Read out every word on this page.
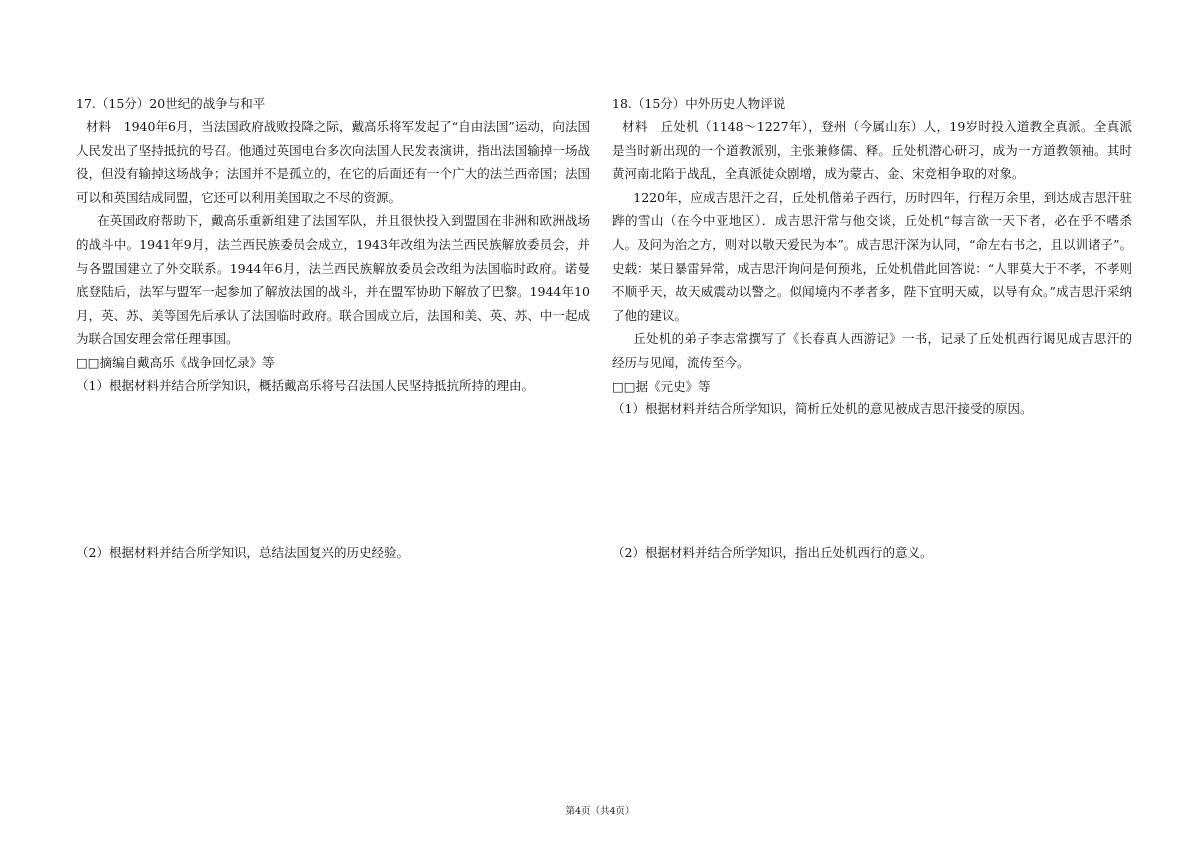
17.（15分）20世纪的战争与和平

材料　1940年6月，当法国政府战败投降之际，戴高乐将军发起了“自由法国”运动，向法国人民发出了坚持抵抗的号召。他通过英国电台多次向法国人民发表演讲，指出法国输掉一场战役，但没有输掉这场战争；法国并不是孤立的，在它的后面还有一个广大的法兰西帝国；法国可以和英国结成同盟，它还可以利用美国取之不尽的资源。

在英国政府帮助下，戴高乐重新组建了法国军队，并且很快投入到盟国在非洲和欧洲战场的战斗中。1941年9月，法兰西民族委员会成立，1943年改组为法兰西民族解放委员会，并与各盟国建立了外交联系。1944年6月，法兰西民族解放委员会改组为法国临时政府。诺曼底登陆后，法军与盟军一起参加了解放法国的战斗，并在盟军协助下解放了巴黎。1944年10月，英、苏、美等国先后承认了法国临时政府。联合国成立后，法国和美、英、苏、中一起成为联合国安理会常任理事国。

□□摘编自戴高乐《战争回忆录》等

（1）根据材料并结合所学知识，概括戴高乐将号召法国人民坚持抵抗所持的理由。

（2）根据材料并结合所学知识，总结法国复兴的历史经验。

18.（15分）中外历史人物评说

材料　丘处机（1148～1227年），登州（今属山东）人，19岁时投入道教全真派。全真派是当时新出现的一个道教派别，主张兼修儒、释。丘处机潜心研习，成为一方道教领袖。其时黄河南北陷于战乱，全真派徒众剧增，成为蒙古、金、宋竞相争取的对象。

1220年，应成吉思汗之召，丘处机偕弟子西行，历时四年，行程万余里，到达成吉思汗驻跸的雪山（在今中亚地区）．成吉思汗常与他交谈，丘处机“每言欲一天下者，必在乎不嗜杀人。及问为治之方，则对以敬天爱民为本”。成吉思汗深为认同，“命左右书之，且以训诸子”。史载：某日暴雷异常，成吉思汗询问是何预兆，丘处机借此回答说：“人罪莫大于不孝，不孝则不顺乎天，故天威震动以警之。似闻境内不孝者多，陛下宜明天威，以导有众。”成吉思汗采纳了他的建议。

丘处机的弟子李志常撰写了《长春真人西游记》一书，记录了丘处机西行谒见成吉思汗的经历与见闻，流传至今。

□□据《元史》等

（1）根据材料并结合所学知识，简析丘处机的意见被成吉思汗接受的原因。

（2）根据材料并结合所学知识，指出丘处机西行的意义。

第4页（共4页）
